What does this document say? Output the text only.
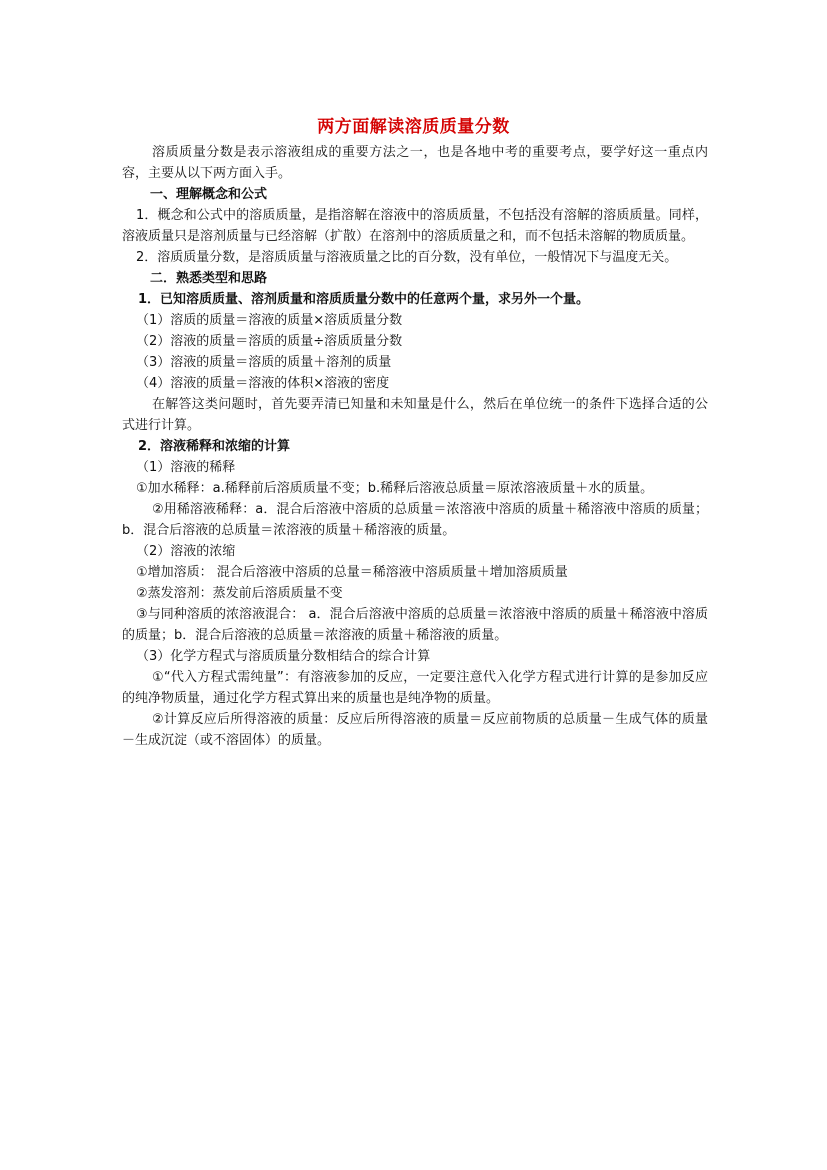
两方面解读溶质质量分数

溶质质量分数是表示溶液组成的重要方法之一，也是各地中考的重要考点，要学好这一重点内容，主要从以下两方面入手。

一、理解概念和公式

1．概念和公式中的溶质质量，是指溶解在溶液中的溶质质量，不包括没有溶解的溶质质量。同样，溶液质量只是溶剂质量与已经溶解（扩散）在溶剂中的溶质质量之和，而不包括未溶解的物质质量。

2．溶质质量分数，是溶质质量与溶液质量之比的百分数，没有单位，一般情况下与温度无关。

二．熟悉类型和思路

1．已知溶质质量、溶剂质量和溶质质量分数中的任意两个量，求另外一个量。

（1）溶质的质量＝溶液的质量×溶质质量分数

（2）溶液的质量＝溶质的质量÷溶质质量分数

（3）溶液的质量＝溶质的质量＋溶剂的质量

（4）溶液的质量＝溶液的体积×溶液的密度

在解答这类问题时，首先要弄清已知量和未知量是什么，然后在单位统一的条件下选择合适的公式进行计算。

2．溶液稀释和浓缩的计算

（1）溶液的稀释

①加水稀释：a.稀释前后溶质质量不变；b.稀释后溶液总质量＝原浓溶液质量＋水的质量。

②用稀溶液稀释：a．混合后溶液中溶质的总质量＝浓溶液中溶质的质量＋稀溶液中溶质的质量；b．混合后溶液的总质量＝浓溶液的质量＋稀溶液的质量。

（2）溶液的浓缩

①增加溶质： 混合后溶液中溶质的总量＝稀溶液中溶质质量＋增加溶质质量

②蒸发溶剂：蒸发前后溶质质量不变

③与同种溶质的浓溶液混合： a．混合后溶液中溶质的总质量＝浓溶液中溶质的质量＋稀溶液中溶质的质量；b．混合后溶液的总质量＝浓溶液的质量＋稀溶液的质量。

（3）化学方程式与溶质质量分数相结合的综合计算

①“代入方程式需纯量”：有溶液参加的反应，一定要注意代入化学方程式进行计算的是参加反应的纯净物质量，通过化学方程式算出来的质量也是纯净物的质量。

②计算反应后所得溶液的质量：反应后所得溶液的质量＝反应前物质的总质量－生成气体的质量－生成沉淀（或不溶固体）的质量。
